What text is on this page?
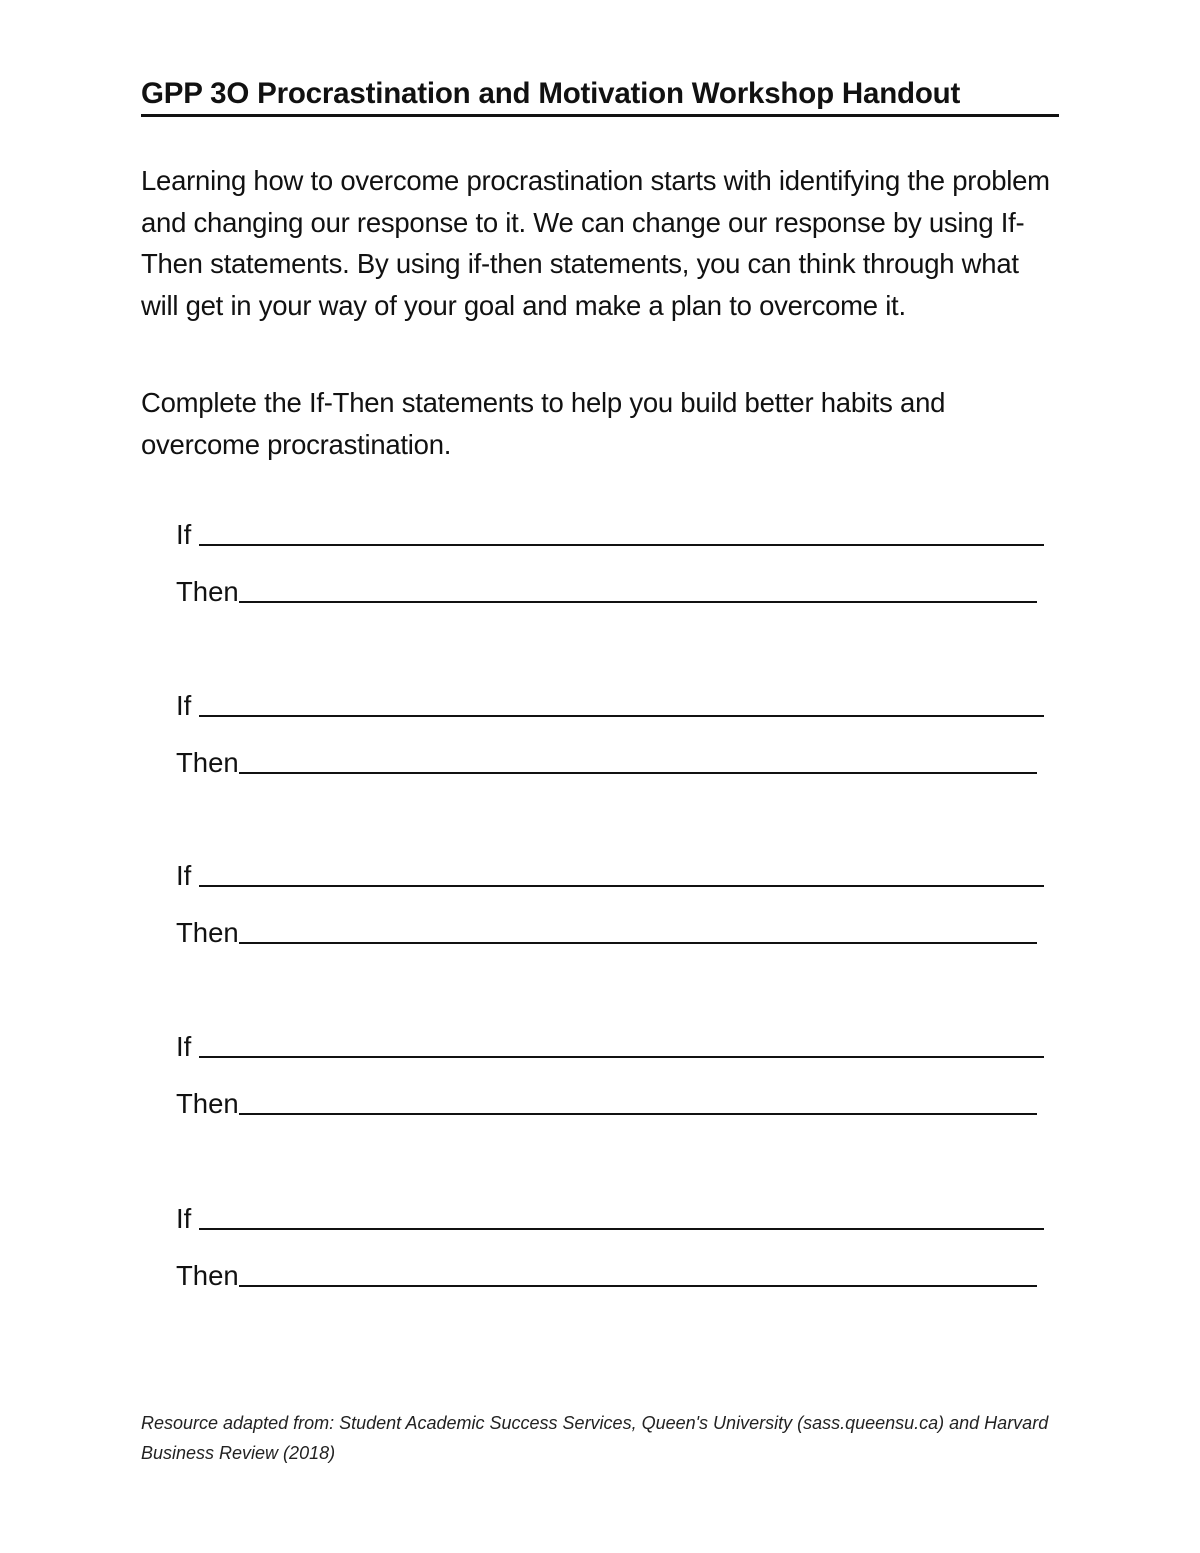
GPP 3O Procrastination and Motivation Workshop Handout

Learning how to overcome procrastination starts with identifying the problem and changing our response to it. We can change our response by using If-Then statements. By using if-then statements, you can think through what will get in your way of your goal and make a plan to overcome it.

Complete the If-Then statements to help you build better habits and overcome procrastination.

If
Then
If
Then
If
Then
If
Then
If
Then

Resource adapted from: Student Academic Success Services, Queen's University (sass.queensu.ca) and Harvard Business Review (2018)
